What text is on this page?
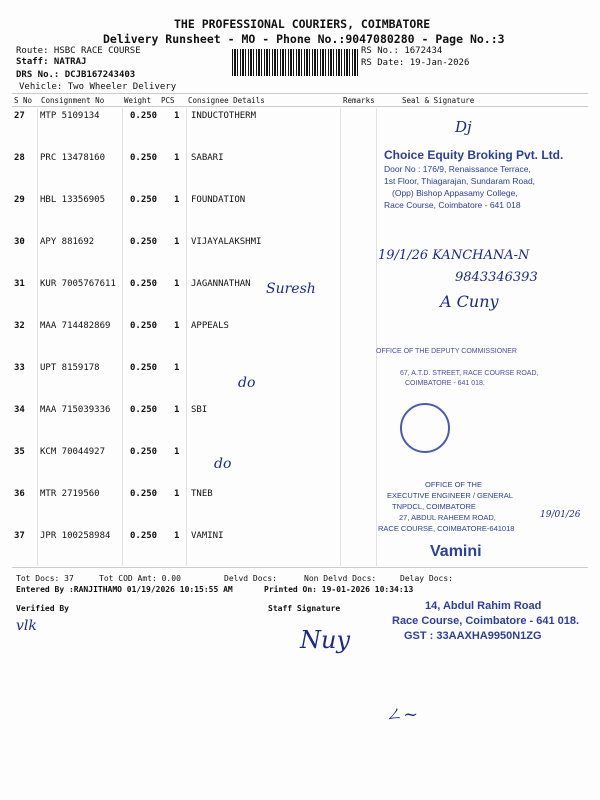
THE PROFESSIONAL COURIERS, COIMBATORE
Delivery Runsheet - MO - Phone No.:9047080280 - Page No.:3
Route: HSBC RACE COURSE
Staff: NATRAJ
DRS No.: DCJB167243403
Vehicle: Two Wheeler Delivery
RS No.: 1672434
RS Date: 19-Jan-2026
S No Consignment No	Weight PCS Consignee Details	Remarks	Seal & Signature
27 MTP 5109134	0.250 1 INDUCTOTHERM
28 PRC 13478160	0.250 1 SABARI
29 HBL 13356905	0.250 1 FOUNDATION
30 APY 881692	0.250 1 VIJAYALAKSHMI
31 KUR 7005767611 0.250 1 JAGANNATHAN
32 MAA 714482869 0.250 1 APPEALS
33 UPT 8159178	0.250 1
34 MAA 715039336 0.250 1 SBI
35 KCM 70044927	0.250 1
36 MTR 2719560	0.250 1 TNEB
37 JPR 100258984 0.250 1 VAMINI
Dj
Choice Equity Broking Pvt. Ltd.
Door No : 176/9, Renaissance Terrace,
1st Floor, Thiagarajan, Sundaram Road,
(Opp) Bishop Appasamy College,
Race Course, Coimbatore - 641 018
19/1/26 KANCHANA-N
9843346393
Suresh
A Cuny
OFFICE OF THE DEPUTY COMMISSIONER
67, A.T.D. STREET, RACE COURSE ROAD,
COIMBATORE - 641 018.
do
do
OFFICE OF THE
EXECUTIVE ENGINEER / GENERAL
TNPDCL, COIMBATORE
27, ABDUL RAHEEM ROAD,
RACE COURSE, COIMBATORE-641018
19/01/26
Vamini
14, Abdul Rahim Road
Race Course, Coimbatore - 641 018.
GST : 33AAXHA9950N1ZG
Tot Docs: 37	Tot COD Amt: 0.00	Delvd Docs:	Non Delvd Docs:	Delay Docs:
Entered By :RANJITHAMO 01/19/2026 10:15:55 AM	Printed On: 19-01-2026 10:34:13
Verified By	Staff Signature
vlk	Nuy
ㄥ~
